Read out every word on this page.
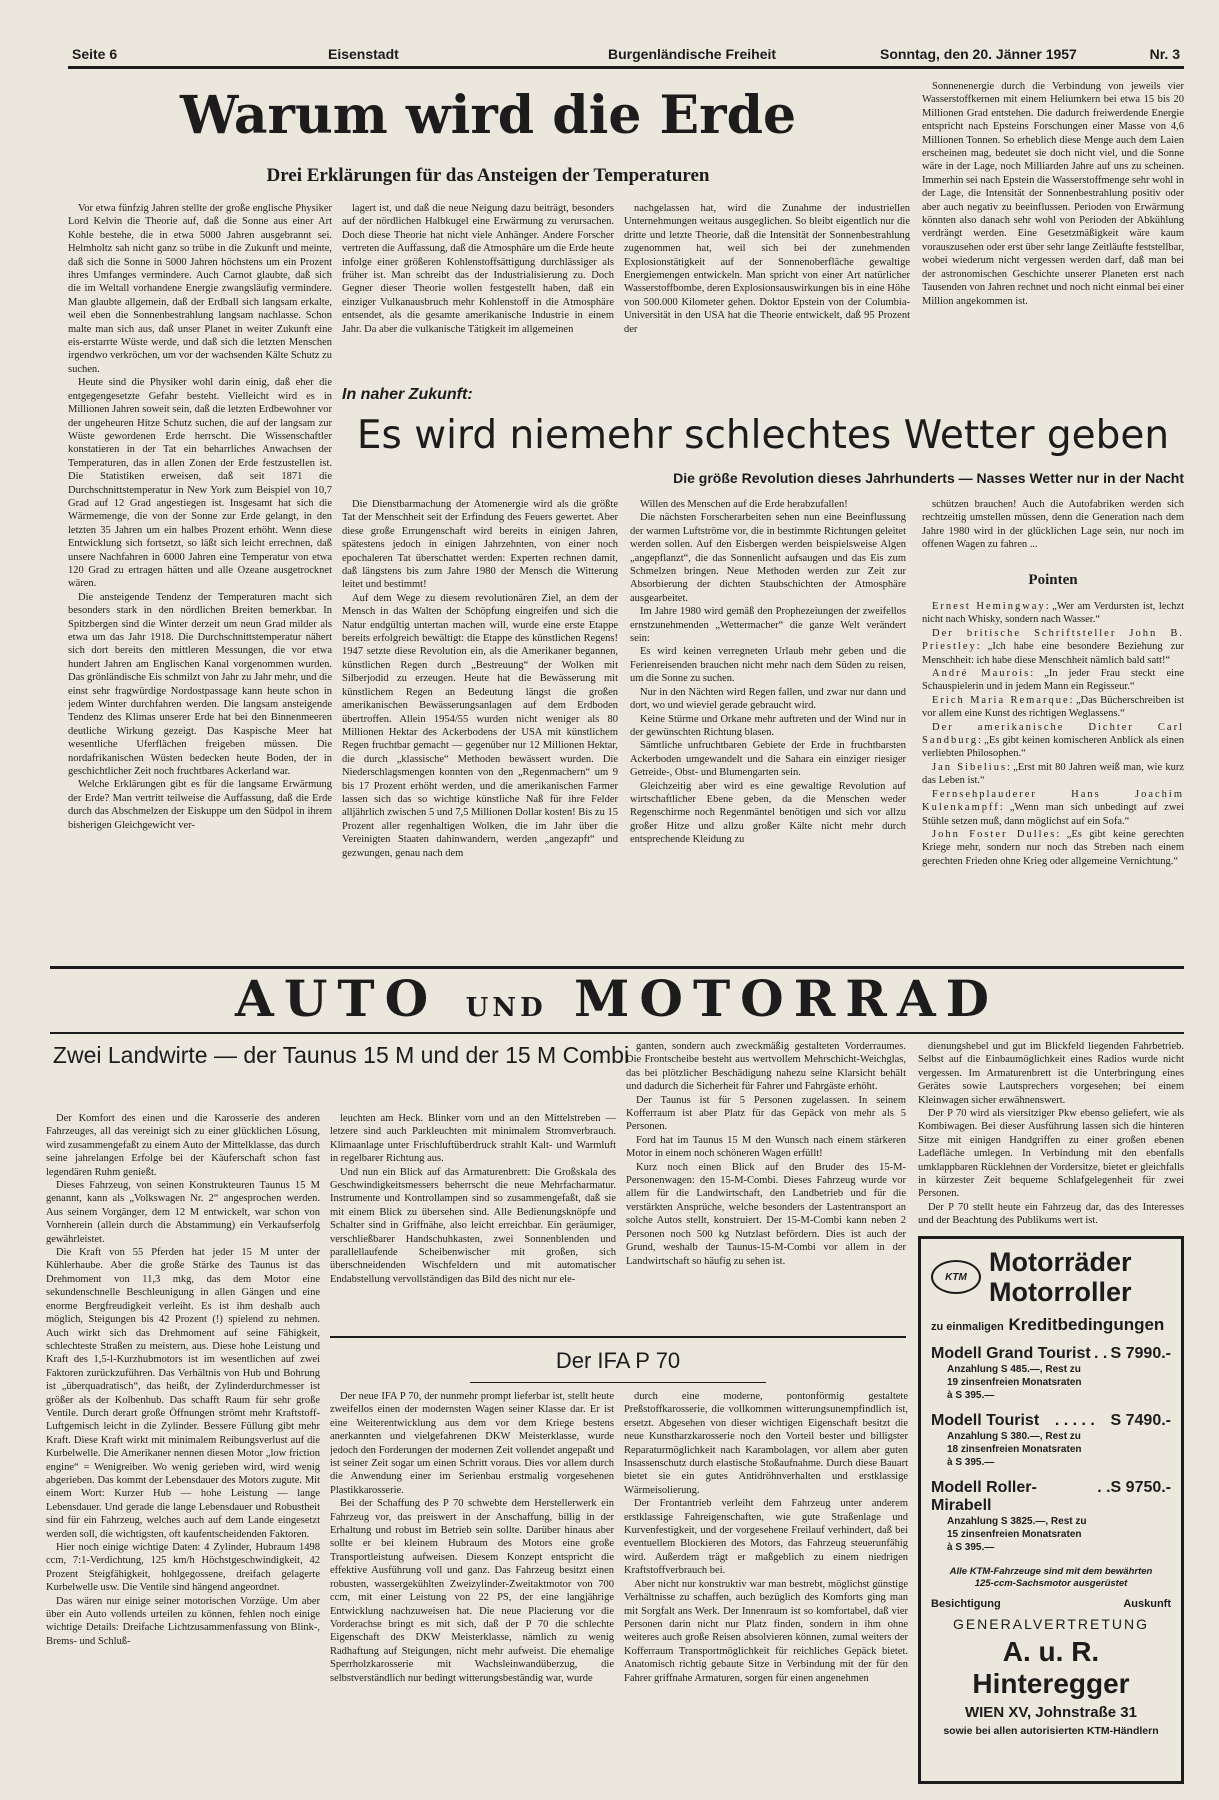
Seite 6	Eisenstadt	Burgenländische Freiheit	Sonntag, den 20. Jänner 1957	Nr. 3
Warum wird die Erde
Drei Erklärungen für das Ansteigen der Temperaturen

Vor etwa fünfzig Jahren stellte der große englische Physiker Lord Kelvin die Theorie auf, daß die Sonne aus einer Art Kohle bestehe, die in etwa 5000 Jahren ausgebrannt sei. Helmholtz sah nicht ganz so trübe in die Zukunft und meinte, daß sich die Sonne in 5000 Jahren höchstens um ein Prozent ihres Umfanges vermindere. Auch Carnot glaubte, daß sich die im Weltall vorhandene Energie zwangsläufig vermindere. Man glaubte allgemein, daß der Erdball sich langsam erkalte, weil eben die Sonnenbestrahlung langsam nachlasse. Schon malte man sich aus, daß unser Planet in weiter Zukunft eine eis-erstarrte Wüste werde, und daß sich die letzten Menschen irgendwo verkröchen, um vor der wachsenden Kälte Schutz zu suchen.

Heute sind die Physiker wohl darin einig, daß eher die entgegengesetzte Gefahr besteht. Vielleicht wird es in Millionen Jahren soweit sein, daß die letzten Erdbewohner vor der ungeheuren Hitze Schutz suchen, die auf der langsam zur Wüste gewordenen Erde herrscht. Die Wissenschaftler konstatieren in der Tat ein beharrliches Anwachsen der Temperaturen, das in allen Zonen der Erde festzustellen ist. Die Statistiken erweisen, daß seit 1871 die Durchschnittstemperatur in New York zum Beispiel von 10,7 Grad auf 12 Grad angestiegen ist. Insgesamt hat sich die Wärmemenge, die von der Sonne zur Erde gelangt, in den letzten 35 Jahren um ein halbes Prozent erhöht. Wenn diese Entwicklung sich fortsetzt, so läßt sich leicht errechnen, daß unsere Nachfahren in 6000 Jahren eine Temperatur von etwa 120 Grad zu ertragen hätten und alle Ozeane ausgetrocknet wären.

Die ansteigende Tendenz der Temperaturen macht sich besonders stark in den nördlichen Breiten bemerkbar. In Spitzbergen sind die Winter derzeit um neun Grad milder als etwa um das Jahr 1918. Die Durchschnittstemperatur nähert sich dort bereits den mittleren Messungen, die vor etwa hundert Jahren am Englischen Kanal vorgenommen wurden. Das grönländische Eis schmilzt von Jahr zu Jahr mehr, und die einst sehr fragwürdige Nordostpassage kann heute schon in jedem Winter durchfahren werden. Die langsam ansteigende Tendenz des Klimas unserer Erde hat bei den Binnenmeeren deutliche Wirkung gezeigt. Das Kaspische Meer hat wesentliche Uferflächen freigeben müssen. Die nordafrikanischen Wüsten bedecken heute Boden, der in geschichtlicher Zeit noch fruchtbares Ackerland war.

Welche Erklärungen gibt es für die langsame Erwärmung der Erde? Man vertritt teilweise die Auffassung, daß die Erde durch das Abschmelzen der Eiskuppe um den Südpol in ihrem bisherigen Gleichgewicht ver-

lagert ist, und daß die neue Neigung dazu beiträgt, besonders auf der nördlichen Halbkugel eine Erwärmung zu verursachen. Doch diese Theorie hat nicht viele Anhänger. Andere Forscher vertreten die Auffassung, daß die Atmosphäre um die Erde heute infolge einer größeren Kohlenstoffsättigung durchlässiger als früher ist. Man schreibt das der Industrialisierung zu. Doch Gegner dieser Theorie wollen festgestellt haben, daß ein einziger Vulkanausbruch mehr Kohlenstoff in die Atmosphäre entsendet, als die gesamte amerikanische Industrie in einem Jahr. Da aber die vulkanische Tätigkeit im allgemeinen

nachgelassen hat, wird die Zunahme der industriellen Unternehmungen weitaus ausgeglichen. So bleibt eigentlich nur die dritte und letzte Theorie, daß die Intensität der Sonnenbestrahlung zugenommen hat, weil sich bei der zunehmenden Explosionstätigkeit auf der Sonnenoberfläche gewaltige Energiemengen entwickeln. Man spricht von einer Art natürlicher Wasserstoffbombe, deren Explosionsauswirkungen bis in eine Höhe von 500.000 Kilometer gehen. Doktor Epstein von der Columbia-Universität in den USA hat die Theorie entwickelt, daß 95 Prozent der

Sonnenenergie durch die Verbindung von jeweils vier Wasserstoffkernen mit einem Heliumkern bei etwa 15 bis 20 Millionen Grad entstehen. Die dadurch freiwerdende Energie entspricht nach Epsteins Forschungen einer Masse von 4,6 Millionen Tonnen. So erheblich diese Menge auch dem Laien erscheinen mag, bedeutet sie doch nicht viel, und die Sonne wäre in der Lage, noch Milliarden Jahre auf uns zu scheinen. Immerhin sei nach Epstein die Wasserstoffmenge sehr wohl in der Lage, die Intensität der Sonnenbestrahlung positiv oder aber auch negativ zu beeinflussen. Perioden von Erwärmung könnten also danach sehr wohl von Perioden der Abkühlung verdrängt werden. Eine Gesetzmäßigkeit wäre kaum vorauszusehen oder erst über sehr lange Zeitläufte feststellbar, wobei wiederum nicht vergessen werden darf, daß man bei der astronomischen Geschichte unserer Planeten erst nach Tausenden von Jahren rechnet und noch nicht einmal bei einer Million angekommen ist.

In naher Zukunft:
Es wird niemehr schlechtes Wetter geben
Die größe Revolution dieses Jahrhunderts — Nasses Wetter nur in der Nacht

Die Dienstbarmachung der Atomenergie wird als die größte Tat der Menschheit seit der Erfindung des Feuers gewertet. Aber diese große Errungenschaft wird bereits in einigen Jahren, spätestens jedoch in einigen Jahrzehnten, von einer noch epochaleren Tat überschattet werden: Experten rechnen damit, daß längstens bis zum Jahre 1980 der Mensch die Witterung leitet und bestimmt!

Auf dem Wege zu diesem revolutionären Ziel, an dem der Mensch in das Walten der Schöpfung eingreifen und sich die Natur endgültig untertan machen will, wurde eine erste Etappe bereits erfolgreich bewältigt: die Etappe des künstlichen Regens! 1947 setzte diese Revolution ein, als die Amerikaner begannen, künstlichen Regen durch „Bestreuung“ der Wolken mit Silberjodid zu erzeugen. Heute hat die Bewässerung mit künstlichem Regen an Bedeutung längst die großen amerikanischen Bewässerungsanlagen auf dem Erdboden übertroffen. Allein 1954/55 wurden nicht weniger als 80 Millionen Hektar des Ackerbodens der USA mit künstlichem Regen fruchtbar gemacht — gegenüber nur 12 Millionen Hektar, die durch „klassische“ Methoden bewässert wurden. Die Niederschlagsmengen konnten von den „Regenmachern“ um 9 bis 17 Prozent erhöht werden, und die amerikanischen Farmer lassen sich das so wichtige künstliche Naß für ihre Felder alljährlich zwischen 5 und 7,5 Millionen Dollar kosten! Bis zu 15 Prozent aller regenhaltigen Wolken, die im Jahr über die Vereinigten Staaten dahinwandern, werden „angezapft“ und gezwungen, genau nach dem

Willen des Menschen auf die Erde herabzufallen!

Die nächsten Forscherarbeiten sehen nun eine Beeinflussung der warmen Luftströme vor, die in bestimmte Richtungen geleitet werden sollen. Auf den Eisbergen werden beispielsweise Algen „angepflanzt“, die das Sonnenlicht aufsaugen und das Eis zum Schmelzen bringen. Neue Methoden werden zur Zeit zur Absorbierung der dichten Staubschichten der Atmosphäre ausgearbeitet.

Im Jahre 1980 wird gemäß den Prophezeiungen der zweifellos ernstzunehmenden „Wettermacher“ die ganze Welt verändert sein:

Es wird keinen verregneten Urlaub mehr geben und die Ferienreisenden brauchen nicht mehr nach dem Süden zu reisen, um die Sonne zu suchen.

Nur in den Nächten wird Regen fallen, und zwar nur dann und dort, wo und wieviel gerade gebraucht wird.

Keine Stürme und Orkane mehr auftreten und der Wind nur in der gewünschten Richtung blasen.

Sämtliche unfruchtbaren Gebiete der Erde in fruchtbarsten Ackerboden umgewandelt und die Sahara ein einziger riesiger Getreide-, Obst- und Blumengarten sein.

Gleichzeitig aber wird es eine gewaltige Revolution auf wirtschaftlicher Ebene geben, da die Menschen weder Regenschirme noch Regenmäntel benötigen und sich vor allzu großer Hitze und allzu großer Kälte nicht mehr durch entsprechende Kleidung zu

schützen brauchen! Auch die Autofabriken werden sich rechtzeitig umstellen müssen, denn die Generation nach dem Jahre 1980 wird in der glücklichen Lage sein, nur noch im offenen Wagen zu fahren ...

Pointen

Ernest Hemingway: „Wer am Verdursten ist, lechzt nicht nach Whisky, sondern nach Wasser.“

Der britische Schriftsteller John B. Priestley: „Ich habe eine besondere Beziehung zur Menschheit: ich habe diese Menschheit nämlich bald satt!“

André Maurois: „In jeder Frau steckt eine Schauspielerin und in jedem Mann ein Regisseur.“

Erich Maria Remarque: „Das Bücherschreiben ist vor allem eine Kunst des richtigen Weglassens.“

Der amerikanische Dichter Carl Sandburg: „Es gibt keinen komischeren Anblick als einen verliebten Philosophen.“

Jan Sibelius: „Erst mit 80 Jahren weiß man, wie kurz das Leben ist.“

Fernsehplauderer Hans Joachim Kulenkampff: „Wenn man sich unbedingt auf zwei Stühle setzen muß, dann möglichst auf ein Sofa.“

John Foster Dulles: „Es gibt keine gerechten Kriege mehr, sondern nur noch das Streben nach einem gerechten Frieden ohne Krieg oder allgemeine Vernichtung.“

AUTO UND MOTORRAD
Zwei Landwirte — der Taunus 15 M und der 15 M Combi

Der Komfort des einen und die Karosserie des anderen Fahrzeuges, all das vereinigt sich zu einer glücklichen Lösung, wird zusammengefaßt zu einem Auto der Mittelklasse, das durch seine jahrelangen Erfolge bei der Käuferschaft schon fast legendären Ruhm genießt.

Dieses Fahrzeug, von seinen Konstrukteuren Taunus 15 M genannt, kann als „Volkswagen Nr. 2“ angesprochen werden. Aus seinem Vorgänger, dem 12 M entwickelt, war schon von Vornherein (allein durch die Abstammung) ein Verkaufserfolg gewährleistet.

Die Kraft von 55 Pferden hat jeder 15 M unter der Kühlerhaube. Aber die große Stärke des Taunus ist das Drehmoment von 11,3 mkg, das dem Motor eine sekundenschnelle Beschleunigung in allen Gängen und eine enorme Bergfreudigkeit verleiht. Es ist ihm deshalb auch möglich, Steigungen bis 42 Prozent (!) spielend zu nehmen. Auch wirkt sich das Drehmoment auf seine Fähigkeit, schlechteste Straßen zu meistern, aus. Diese hohe Leistung und Kraft des 1,5-l-Kurzhubmotors ist im wesentlichen auf zwei Faktoren zurückzuführen. Das Verhältnis von Hub und Bohrung ist „überquadratisch“, das heißt, der Zylinderdurchmesser ist größer als der Kolbenhub. Das schafft Raum für sehr große Ventile. Durch derart große Öffnungen strömt mehr Kraftstoff-Luftgemisch leicht in die Zylinder. Bessere Füllung gibt mehr Kraft. Diese Kraft wirkt mit minimalem Reibungsverlust auf die Kurbelwelle. Die Amerikaner nennen diesen Motor „low friction engine“ = Wenigreiber. Wo wenig gerieben wird, wird wenig abgerieben. Das kommt der Lebensdauer des Motors zugute. Mit einem Wort: Kurzer Hub — hohe Leistung — lange Lebensdauer. Und gerade die lange Lebensdauer und Robustheit sind für ein Fahrzeug, welches auch auf dem Lande eingesetzt werden soll, die wichtigsten, oft kaufentscheidenden Faktoren.

Hier noch einige wichtige Daten: 4 Zylinder, Hubraum 1498 ccm, 7:1-Verdichtung, 125 km/h Höchstgeschwindigkeit, 42 Prozent Steigfähigkeit, hohlgegossene, dreifach gelagerte Kurbelwelle usw. Die Ventile sind hängend angeordnet.

Das wären nur einige seiner motorischen Vorzüge. Um aber über ein Auto vollends urteilen zu können, fehlen noch einige wichtige Details: Dreifache Lichtzusammenfassung von Blink-, Brems- und Schluß-

leuchten am Heck. Blinker vorn und an den Mittelstreben — letzere sind auch Parkleuchten mit minimalem Stromverbrauch. Klimaanlage unter Frischluftüberdruck strahlt Kalt- und Warmluft in regelbarer Richtung aus.

Und nun ein Blick auf das Armaturenbrett: Die Großskala des Geschwindigkeitsmessers beherrscht die neue Mehrfacharmatur. Instrumente und Kontrollampen sind so zusammengefaßt, daß sie mit einem Blick zu übersehen sind. Alle Bedienungsknöpfe und Schalter sind in Griffnähe, also leicht erreichbar. Ein geräumiger, verschließbarer Handschuhkasten, zwei Sonnenblenden und parallellaufende Scheibenwischer mit großen, sich überschneidenden Wischfeldern und mit automatischer Endabstellung vervollständigen das Bild des nicht nur ele-

ganten, sondern auch zweckmäßig gestalteten Vorderraumes. Die Frontscheibe besteht aus wertvollem Mehrschicht-Weichglas, das bei plötzlicher Beschädigung nahezu seine Klarsicht behält und dadurch die Sicherheit für Fahrer und Fahrgäste erhöht.

Der Taunus ist für 5 Personen zugelassen. In seinem Kofferraum ist aber Platz für das Gepäck von mehr als 5 Personen.

Ford hat im Taunus 15 M den Wunsch nach einem stärkeren Motor in einem noch schöneren Wagen erfüllt!

Kurz noch einen Blick auf den Bruder des 15-M-Personenwagen: den 15-M-Combi. Dieses Fahrzeug wurde vor allem für die Landwirtschaft, den Landbetrieb und für die verstärkten Ansprüche, welche besonders der Lastentransport an solche Autos stellt, konstruiert. Der 15-M-Combi kann neben 2 Personen noch 500 kg Nutzlast befördern. Dies ist auch der Grund, weshalb der Taunus-15-M-Combi vor allem in der Landwirtschaft so häufig zu sehen ist.

dienungshebel und gut im Blickfeld liegenden Fahrbetrieb. Selbst auf die Einbaumöglichkeit eines Radios wurde nicht vergessen. Im Armaturenbrett ist die Unterbringung eines Gerätes sowie Lautsprechers vorgesehen; bei einem Kleinwagen sicher erwähnenswert.

Der P 70 wird als viersitziger Pkw ebenso geliefert, wie als Kombiwagen. Bei dieser Ausführung lassen sich die hinteren Sitze mit einigen Handgriffen zu einer großen ebenen Ladefläche umlegen. In Verbindung mit den ebenfalls umklappbaren Rücklehnen der Vordersitze, bietet er gleichfalls in kürzester Zeit bequeme Schlafgelegenheit für zwei Personen.

Der P 70 stellt heute ein Fahrzeug dar, das des Interesses und der Beachtung des Publikums wert ist.

Der IFA P 70

Der neue IFA P 70, der nunmehr prompt lieferbar ist, stellt heute zweifellos einen der modernsten Wagen seiner Klasse dar. Er ist eine Weiterentwicklung aus dem vor dem Kriege bestens anerkannten und vielgefahrenen DKW Meisterklasse, wurde jedoch den Forderungen der modernen Zeit vollendet angepaßt und ist seiner Zeit sogar um einen Schritt voraus. Dies vor allem durch die Anwendung einer im Serienbau erstmalig vorgesehenen Plastikkarosserie.

Bei der Schaffung des P 70 schwebte dem Herstellerwerk ein Fahrzeug vor, das preiswert in der Anschaffung, billig in der Erhaltung und robust im Betrieb sein sollte. Darüber hinaus aber sollte er bei kleinem Hubraum des Motors eine große Transportleistung aufweisen. Diesem Konzept entspricht die effektive Ausführung voll und ganz. Das Fahrzeug besitzt einen robusten, wassergekühlten Zweizylinder-Zweitaktmotor von 700 ccm, mit einer Leistung von 22 PS, der eine langjährige Entwicklung nachzuweisen hat. Die neue Placierung vor die Vorderachse bringt es mit sich, daß der P 70 die schlechte Eigenschaft des DKW Meisterklasse, nämlich zu wenig Radhaftung auf Steigungen, nicht mehr aufweist. Die ehemalige Sperrholzkarosserie mit Wachsleinwandüberzug, die selbstverständlich nur bedingt witterungsbeständig war, wurde

durch eine moderne, pontonförmig gestaltete Preßstoffkarosserie, die vollkommen witterungsunempfindlich ist, ersetzt. Abgesehen von dieser wichtigen Eigenschaft besitzt die neue Kunstharzkarosserie noch den Vorteil bester und billigster Reparaturmöglichkeit nach Karambolagen, vor allem aber guten Insassenschutz durch elastische Stoßaufnahme. Durch diese Bauart bietet sie ein gutes Antidröhnverhalten und erstklassige Wärmeisolierung.

Der Frontantrieb verleiht dem Fahrzeug unter anderem erstklassige Fahreigenschaften, wie gute Straßenlage und Kurvenfestigkeit, und der vorgesehene Freilauf verhindert, daß bei eventuellem Blockieren des Motors, das Fahrzeug steuerunfähig wird. Außerdem trägt er maßgeblich zu einem niedrigen Kraftstoffverbrauch bei.

Aber nicht nur konstruktiv war man bestrebt, möglichst günstige Verhältnisse zu schaffen, auch bezüglich des Komforts ging man mit Sorgfalt ans Werk. Der Innenraum ist so komfortabel, daß vier Personen darin nicht nur Platz finden, sondern in ihm ohne weiteres auch große Reisen absolvieren können, zumal weiters der Kofferraum Transportmöglichkeit für reichliches Gepäck bietet. Anatomisch richtig gebaute Sitze in Verbindung mit der für den Fahrer griffnahe Armaturen, sorgen für einen angenehmen

KTM Motorräder
Motorroller
zu einmaligen Kreditbedingungen
Modell Grand Tourist . . S 7990.-
Anzahlung S 485.—, Rest zu
19 zinsenfreien Monatsraten
à S 395.—
Modell Tourist . . . . . S 7490.-
Anzahlung S 380.—, Rest zu
18 zinsenfreien Monatsraten
à S 395.—
Modell Roller-Mirabell
. . S 9750.-
Anzahlung S 3825.—, Rest zu
15 zinsenfreien Monatsraten
à S 395.—
Alle KTM-Fahrzeuge sind mit dem bewährten
125-ccm-Sachsmotor ausgerüstet
Besichtigung	Auskunft
GENERALVERTRETUNG
A. u. R. Hinteregger
WIEN XV, Johnstraße 31
sowie bei allen autorisierten KTM-Händlern
